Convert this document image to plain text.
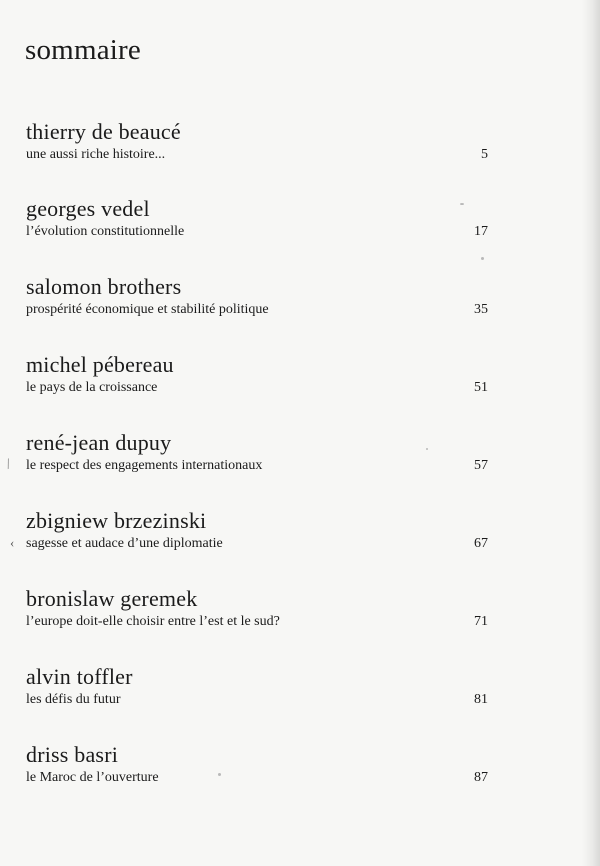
sommaire
thierry de beaucé
une aussi riche histoire...	5
georges vedel
l’évolution constitutionnelle	17
salomon brothers
prospérité économique et stabilité politique	35
michel pébereau
le pays de la croissance	51
rené-jean dupuy
le respect des engagements internationaux	57
zbigniew brzezinski
sagesse et audace d’une diplomatie	67
bronislaw geremek
l’europe doit-elle choisir entre l’est et le sud?	71
alvin toffler
les défis du futur	81
driss basri
le Maroc de l’ouverture	87
⁄
‹
